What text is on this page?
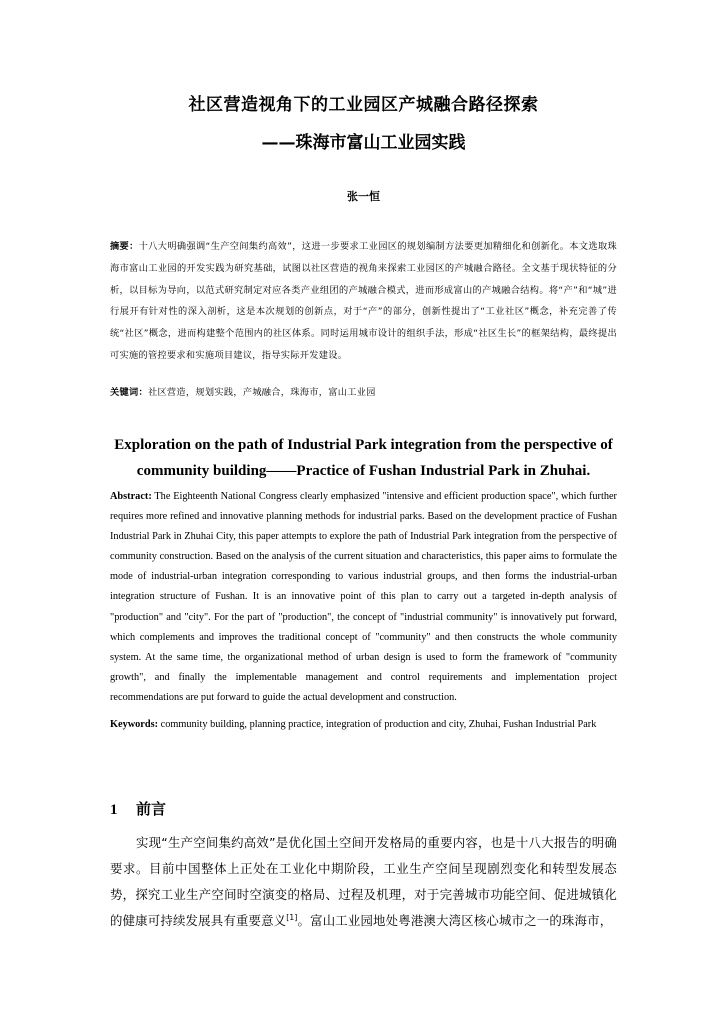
社区营造视角下的工业园区产城融合路径探索
——珠海市富山工业园实践
张一恒
摘要：十八大明确强调“生产空间集约高效”，这进一步要求工业园区的规划编制方法要更加精细化和创新化。本文选取珠海市富山工业园的开发实践为研究基础，试图以社区营造的视角来探索工业园区的产城融合路径。全文基于现状特征的分析，以目标为导向，以范式研究制定对应各类产业组团的产城融合模式，进而形成富山的产城融合结构。将“产”和“城”进行展开有针对性的深入剖析，这是本次规划的创新点，对于“产”的部分，创新性提出了“工业社区”概念，补充完善了传统“社区”概念，进而构建整个范围内的社区体系。同时运用城市设计的组织手法，形成“社区生长”的框架结构，最终提出可实施的管控要求和实施项目建议，指导实际开发建设。
关键词：社区营造，规划实践，产城融合，珠海市，富山工业园
Exploration on the path of Industrial Park integration from the perspective of community building——Practice of Fushan Industrial Park in Zhuhai.
Abstract: The Eighteenth National Congress clearly emphasized "intensive and efficient production space", which further requires more refined and innovative planning methods for industrial parks. Based on the development practice of Fushan Industrial Park in Zhuhai City, this paper attempts to explore the path of Industrial Park integration from the perspective of community construction. Based on the analysis of the current situation and characteristics, this paper aims to formulate the mode of industrial-urban integration corresponding to various industrial groups, and then forms the industrial-urban integration structure of Fushan. It is an innovative point of this plan to carry out a targeted in-depth analysis of "production" and "city". For the part of "production", the concept of "industrial community" is innovatively put forward, which complements and improves the traditional concept of "community" and then constructs the whole community system. At the same time, the organizational method of urban design is used to form the framework of "community growth", and finally the implementable management and control requirements and implementation project recommendations are put forward to guide the actual development and construction.
Keywords: community building, planning practice, integration of production and city, Zhuhai, Fushan Industrial Park
1 前言
实现“生产空间集约高效”是优化国土空间开发格局的重要内容，也是十八大报告的明确要求。目前中国整体上正处在工业化中期阶段，工业生产空间呈现剧烈变化和转型发展态势，探究工业生产空间时空演变的格局、过程及机理，对于完善城市功能空间、促进城镇化的健康可持续发展具有重要意义[1]。富山工业园地处粤港澳大湾区核心城市之一的珠海市，
